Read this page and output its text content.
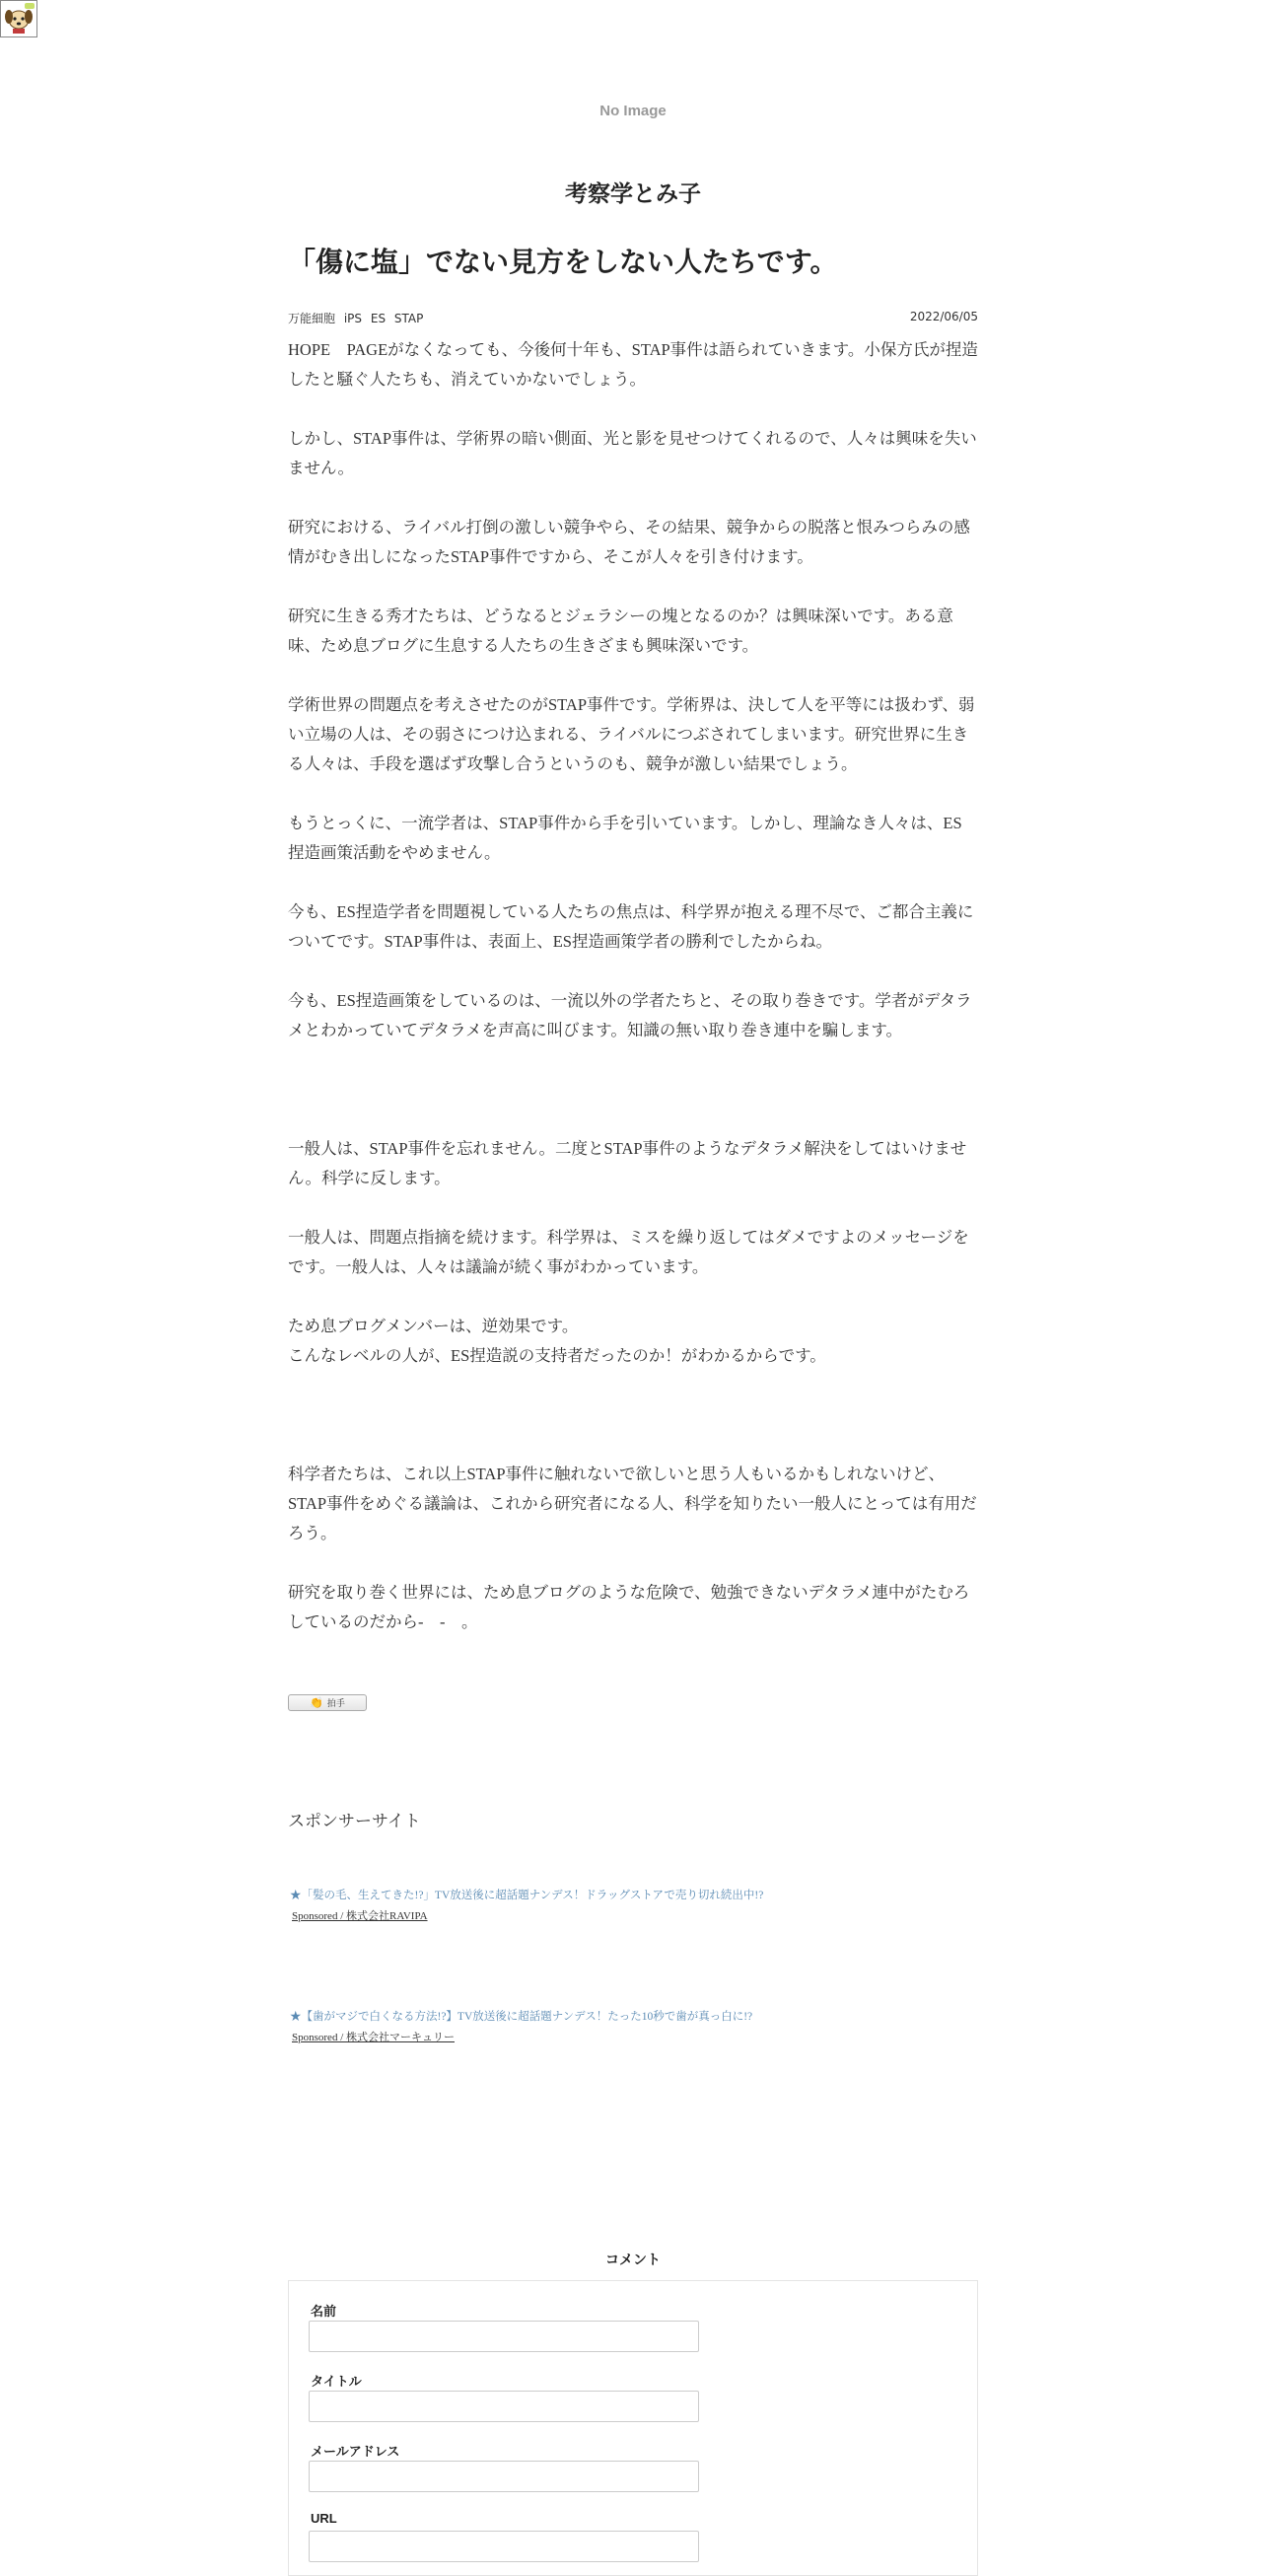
No Image
考察学とみ子
「傷に塩」でない見方をしない人たちです。
万能細胞 iPS ES STAP	2022/06/05

HOPE　PAGEがなくなっても、今後何十年も、STAP事件は語られていきます。小保方氏が捏造したと騒ぐ人たちも、消えていかないでしょう。

しかし、STAP事件は、学術界の暗い側面、光と影を見せつけてくれるので、人々は興味を失いません。

研究における、ライバル打倒の激しい競争やら、その結果、競争からの脱落と恨みつらみの感情がむき出しになったSTAP事件ですから、そこが人々を引き付けます。

研究に生きる秀才たちは、どうなるとジェラシーの塊となるのか？は興味深いです。ある意味、ため息ブログに生息する人たちの生きざまも興味深いです。

学術世界の問題点を考えさせたのがSTAP事件です。学術界は、決して人を平等には扱わず、弱い立場の人は、その弱さにつけ込まれる、ライバルにつぶされてしまいます。研究世界に生きる人々は、手段を選ばず攻撃し合うというのも、競争が激しい結果でしょう。

もうとっくに、一流学者は、STAP事件から手を引いています。しかし、理論なき人々は、ES捏造画策活動をやめません。

今も、ES捏造学者を問題視している人たちの焦点は、科学界が抱える理不尽で、ご都合主義についてです。STAP事件は、表面上、ES捏造画策学者の勝利でしたからね。

今も、ES捏造画策をしているのは、一流以外の学者たちと、その取り巻きです。学者がデタラメとわかっていてデタラメを声高に叫びます。知識の無い取り巻き連中を騙します。

一般人は、STAP事件を忘れません。二度とSTAP事件のようなデタラメ解決をしてはいけません。科学に反します。

一般人は、問題点指摘を続けます。科学界は、ミスを繰り返してはダメですよのメッセージをです。一般人は、人々は議論が続く事がわかっています。

ため息ブログメンバーは、逆効果です。

こんなレベルの人が、ES捏造説の支持者だったのか！がわかるからです。

科学者たちは、これ以上STAP事件に触れないで欲しいと思う人もいるかもしれないけど、STAP事件をめぐる議論は、これから研究者になる人、科学を知りたい一般人にとっては有用だろう。

研究を取り巻く世界には、ため息ブログのような危険で、勉強できないデタラメ連中がたむろしているのだから-　-　。

👏 拍手
スポンサーサイト
★「髪の毛、生えてきた!?」TV放送後に超話題ナンデス！ドラッグストアで売り切れ続出中!?
Sponsored / 株式会社RAVIPA
★【歯がマジで白くなる方法!?】TV放送後に超話題ナンデス！たった10秒で歯が真っ白に!?
Sponsored / 株式会社マーキュリー
コメント
名前
タイトル
メールアドレス
URL
